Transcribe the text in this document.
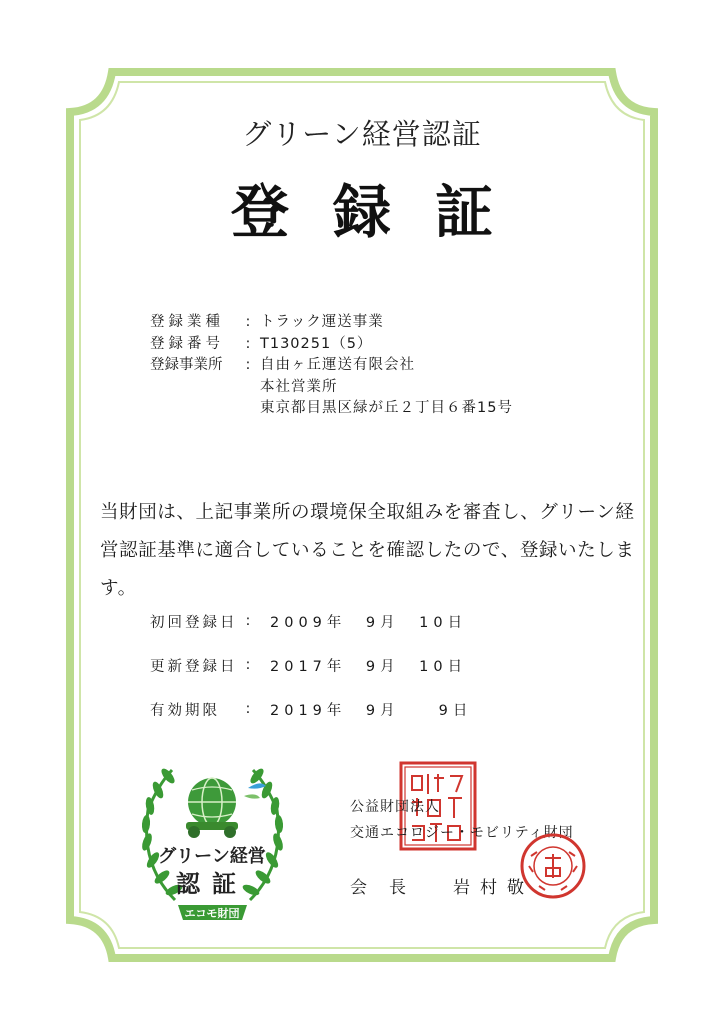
グリーン経営認証
登録証
登録業種	: トラック運送事業
登録番号	: T130251（5）
登録事業所	: 自由ヶ丘運送有限会社
本社営業所
東京都目黒区緑が丘２丁目６番15号
当財団は、上記事業所の環境保全取組みを審査し、グリーン経営認証基準に適合していることを確認したので、登録いたします。
初回登録日 :	2009年　9月　10日
更新登録日 :	2017年　9月　10日
有効期限	:	2019年　9月　　9日
グリーン経営
認証
エコモ財団
公益財団法人
交通エコロジー・モビリティ財団
会長 岩村敬
